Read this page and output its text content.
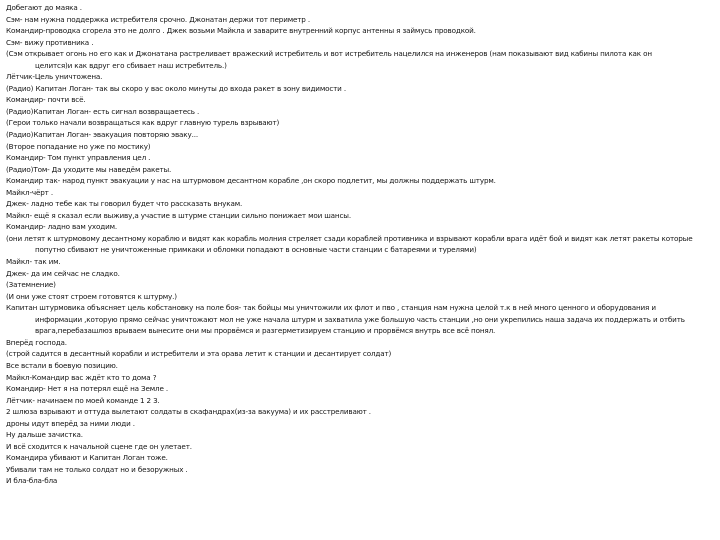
Добегают до маяка .
Сэм- нам нужна поддержка истребителя срочно. Джонатан держи тот периметр .
Командир-проводка сгорела это не долго . Джек возьми Майкла и заварите внутренний корпус антенны я займусь проводкой.
Сэм- вижу противника .
(Сэм открывает огонь но его как и Джонатана растреливает вражеский истребитель и вот истребитель нацелился на инженеров (нам показывают вид кабины пилота как он
целится)и как вдруг его сбивает наш истребитель.)
Лётчик-Цель уничтожена.
(Радио) Капитан Логан- так вы скоро у вас около минуты до входа ракет в зону видимости .
Командир- почти всё.
(Радио)Капитан Логан- есть сигнал возвращаетесь .
(Герои только начали возвращаться как вдруг главную турель взрывают)
(Радио)Капитан Логан- эвакуация повторяю эваку...
(Второе попадание но уже по мостику)
Командир- Том пункт управления цел .
(Радио)Том- Да уходите мы наведём ракеты.
Командир так- народ пункт эвакуации у нас на штурмовом десантном корабле ,он скоро подлетит, мы должны поддержать штурм.
Майкл-чёрт .
Джек- ладно тебе как ты говорил будет что рассказать внукам.
Майкл- ещё я сказал если выживу,а участие в штурме станции сильно понижает мои шансы.
Командир- ладно вам уходим.
(они летят к штурмовому десантному кораблю и видят как корабль молния стреляет сзади кораблей противника и взрывают корабли врага идёт бой и видят как летят ракеты которые
попутно сбивают не уничтоженные примкаки и обломки попадают в основные части станции с батареями и турелями)
Майкл- так им.
Джек- да им сейчас не сладко.
(Затемнение)
(И они уже стоят строем готовятся к штурму.)
Капитан штурмовика объясняет цель кобстановку на поле боя- так бойцы мы уничтожили их флот и пво , станция нам нужна целой т.к в ней много ценного и оборудования и
информации ,которую прямо сейчас уничтожают мол не уже начала штурм и захватила уже большую часть станции ,но они укрепились наша задача их поддержать и отбить
врага,перебазашлюз врываем вынесите они мы прорвёмся и разгерметизируем станцию и прорвёмся внутрь все всё понял.
Вперёд господа.
(строй садится в десантный корабли и истребители и эта орава летит к станции и десантирует солдат)
Все встали в боевую позицию.
Майкл-Командир вас ждёт кто то дома ?
Командир- Нет я на потерял ещё на Земле .
Лётчик- начинаем по моей команде 1 2 3.
2 шлюза взрывают и оттуда вылетают солдаты в скафандрах(из-за вакуума) и их расстреливают .
дроны идут вперёд за ними люди .
Ну дальше зачистка.
И всё сходится к начальной сцене где он улетает.
Командира убивают и Капитан Логан тоже.
Убивали там не только солдат но и безоружных .
И бла-бла-бла
